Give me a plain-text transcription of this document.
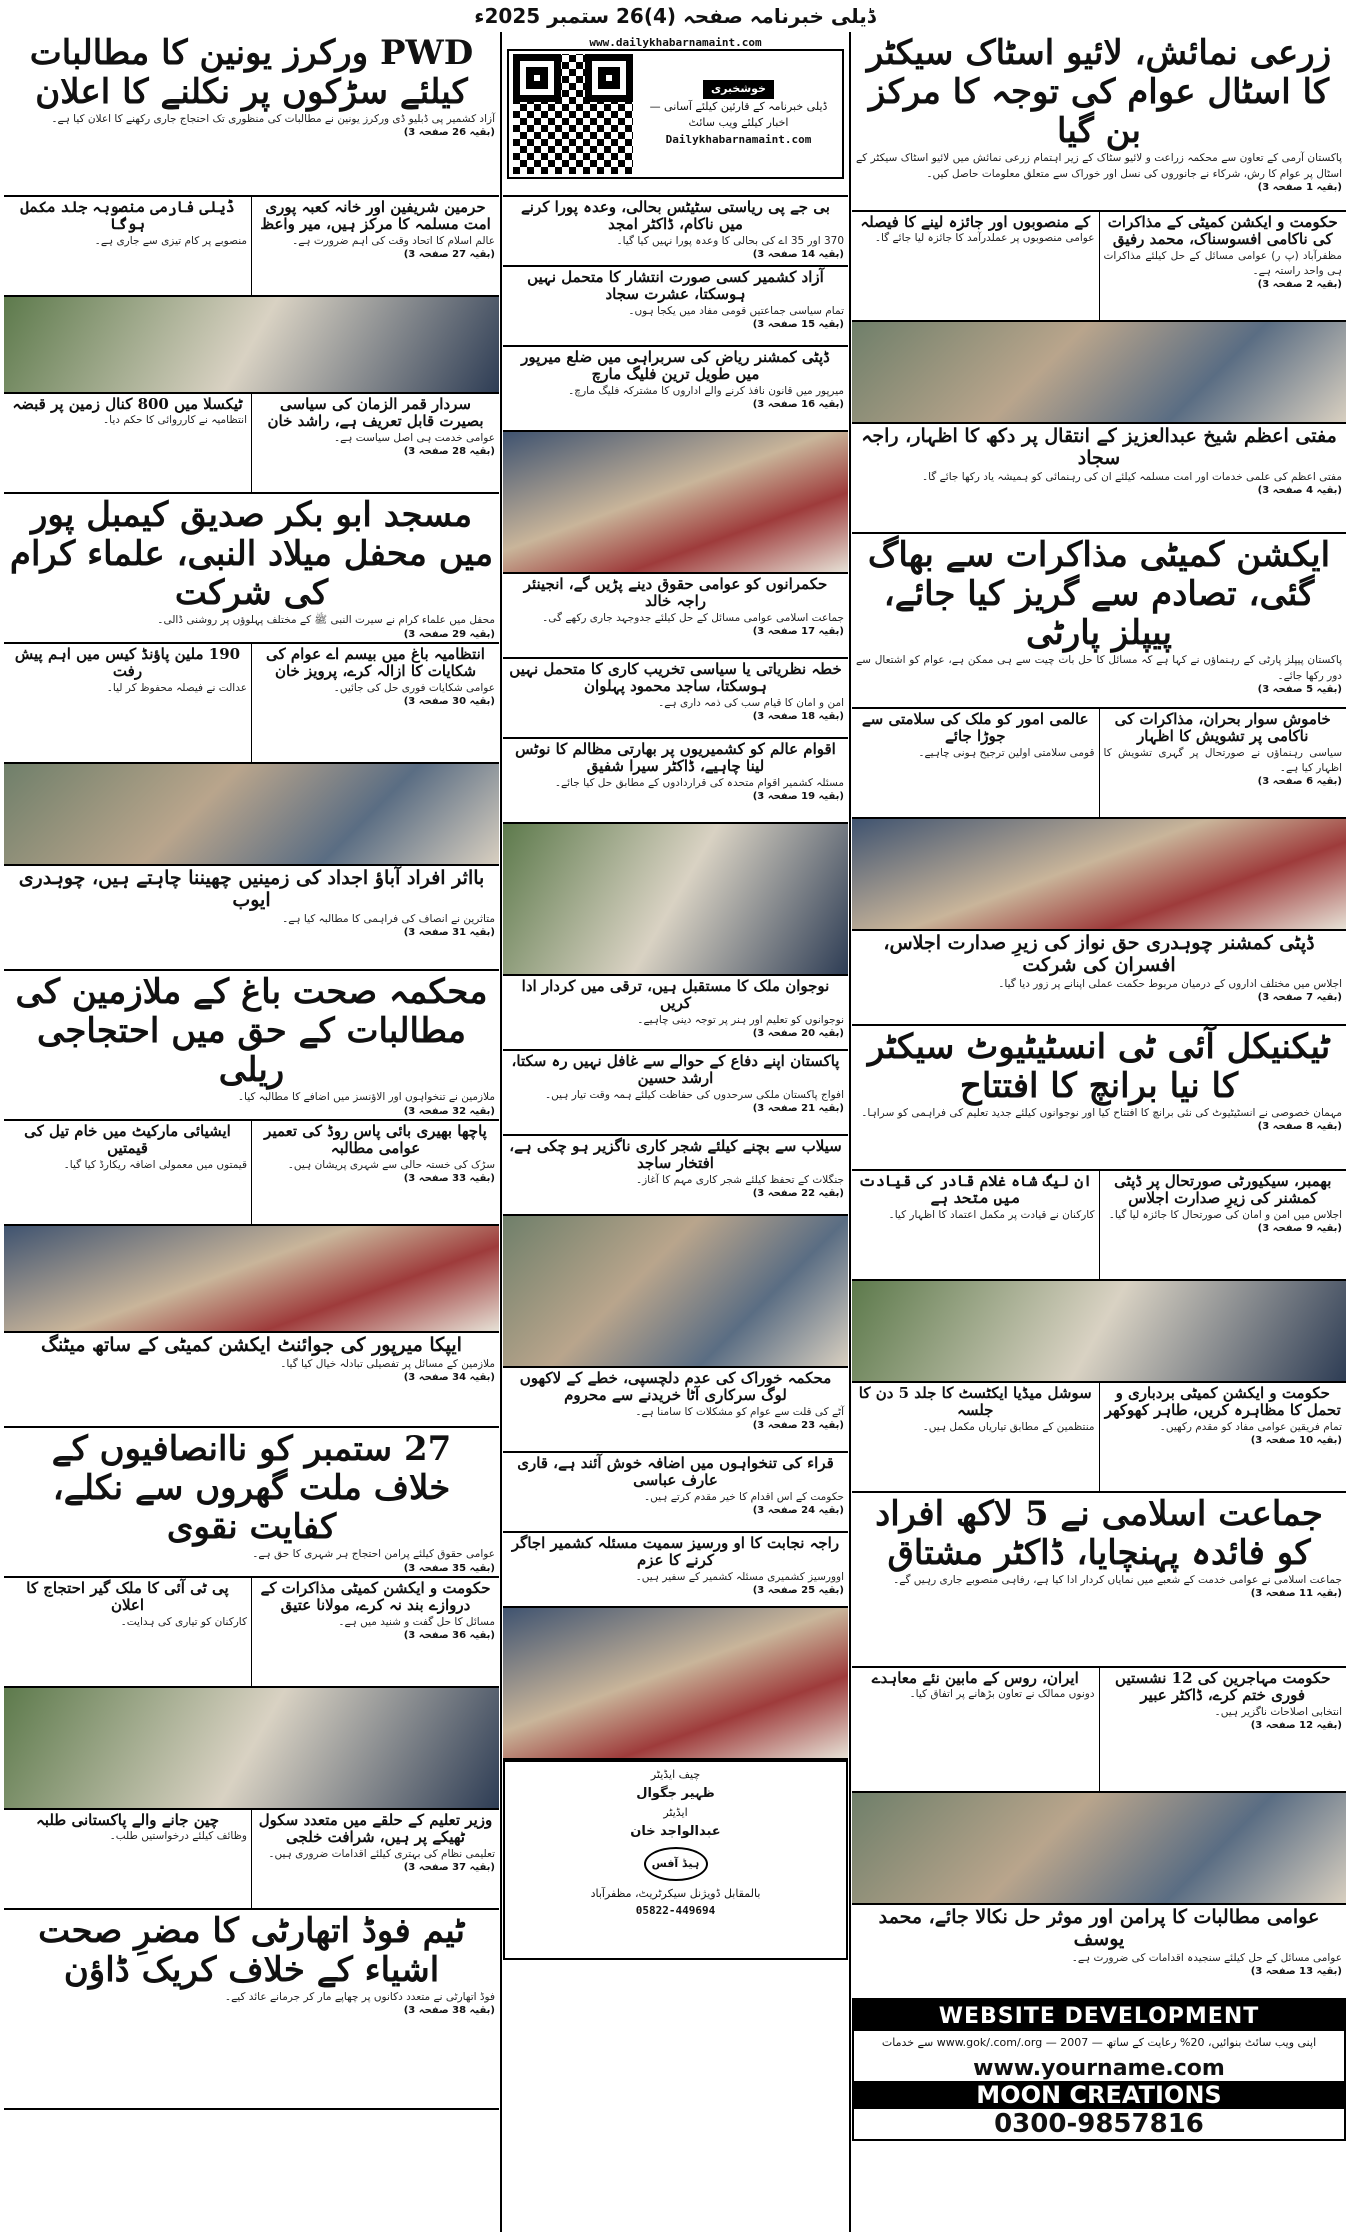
ڈیلی خبرنامہ صفحہ (4)26 ستمبر 2025ء
زرعی نمائش، لائیو اسٹاک سیکٹر کا اسٹال عوام کی توجہ کا مرکز بن گیا
پاکستان آرمی کے تعاون سے محکمہ زراعت و لائیو سٹاک کے زیر اہتمام زرعی نمائش میں لائیو اسٹاک سیکٹر کے اسٹال پر عوام کا رش، شرکاء نے جانوروں کی نسل اور خوراک سے متعلق معلومات حاصل کیں۔
(بقیہ 1 صفحہ 3)
حکومت و ایکشن کمیٹی کے مذاکرات کی ناکامی افسوسناک، محمد رفیق
مظفرآباد (پ ر) عوامی مسائل کے حل کیلئے مذاکرات ہی واحد راستہ ہے۔
(بقیہ 2 صفحہ 3)
کے منصوبوں اور جائزہ لینے کا فیصلہ
عوامی منصوبوں پر عملدرآمد کا جائزہ لیا جائے گا۔
مفتی اعظم شیخ عبدالعزیز کے انتقال پر دکھ کا اظہار، راجہ سجاد
مفتی اعظم کی علمی خدمات اور امت مسلمہ کیلئے ان کی رہنمائی کو ہمیشہ یاد رکھا جائے گا۔
(بقیہ 4 صفحہ 3)
ایکشن کمیٹی مذاکرات سے بھاگ گئی، تصادم سے گریز کیا جائے، پیپلز پارٹی
پاکستان پیپلز پارٹی کے رہنماؤں نے کہا ہے کہ مسائل کا حل بات چیت سے ہی ممکن ہے، عوام کو اشتعال سے دور رکھا جائے۔
(بقیہ 5 صفحہ 3)
خاموش سوار بحران، مذاکرات کی ناکامی پر تشویش کا اظہار
سیاسی رہنماؤں نے صورتحال پر گہری تشویش کا اظہار کیا ہے۔
(بقیہ 6 صفحہ 3)
عالمی امور کو ملک کی سلامتی سے جوڑا جائے
قومی سلامتی اولین ترجیح ہونی چاہیے۔
ڈپٹی کمشنر چوہدری حق نواز کی زیرِ صدارت اجلاس، افسران کی شرکت
اجلاس میں مختلف اداروں کے درمیان مربوط حکمت عملی اپنانے پر زور دیا گیا۔
(بقیہ 7 صفحہ 3)
ٹیکنیکل آئی ٹی انسٹیٹیوٹ سیکٹر کا نیا برانچ کا افتتاح
مہمان خصوصی نے انسٹیٹیوٹ کی نئی برانچ کا افتتاح کیا اور نوجوانوں کیلئے جدید تعلیم کی فراہمی کو سراہا۔
(بقیہ 8 صفحہ 3)
بھمبر، سیکیورٹی صورتحال پر ڈپٹی کمشنر کی زیرِ صدارت اجلاس
اجلاس میں امن و امان کی صورتحال کا جائزہ لیا گیا۔
(بقیہ 9 صفحہ 3)
ان لیگ شاہ غلام قادر کی قیادت میں متحد ہے
کارکنان نے قیادت پر مکمل اعتماد کا اظہار کیا۔
حکومت و ایکشن کمیٹی بردباری و تحمل کا مظاہرہ کریں، طاہر کھوکھر
تمام فریقین عوامی مفاد کو مقدم رکھیں۔
(بقیہ 10 صفحہ 3)
سوشل میڈیا ایکٹسٹ کا جلد 5 دن کا جلسہ
منتظمین کے مطابق تیاریاں مکمل ہیں۔
جماعت اسلامی نے 5 لاکھ افراد کو فائدہ پہنچایا، ڈاکٹر مشتاق
جماعت اسلامی نے عوامی خدمت کے شعبے میں نمایاں کردار ادا کیا ہے، رفاہی منصوبے جاری رہیں گے۔
(بقیہ 11 صفحہ 3)
حکومت مہاجرین کی 12 نشستیں فوری ختم کرے، ڈاکٹر عبیر
انتخابی اصلاحات ناگزیر ہیں۔
(بقیہ 12 صفحہ 3)
ایران، روس کے مابین نئے معاہدے
دونوں ممالک نے تعاون بڑھانے پر اتفاق کیا۔
عوامی مطالبات کا پرامن اور موثر حل نکالا جائے، محمد یوسف
عوامی مسائل کے حل کیلئے سنجیدہ اقدامات کی ضرورت ہے۔
(بقیہ 13 صفحہ 3)
WEBSITE DEVELOPMENT
اپنی ویب سائٹ بنوائیں، 20% رعایت کے ساتھ — www.gok/.com/.org — 2007 سے خدمات
www.yourname.com
MOON CREATIONS
0300-9857816
www.dailykhabarnamaint.com
خوشخبری
ڈیلی خبرنامہ کے قارئین کیلئے آسانی — اخبار کیلئے ویب سائٹ
Dailykhabarnamaint.com
بی جے پی ریاستی سٹیٹس بحالی، وعدہ پورا کرنے میں ناکام، ڈاکٹر امجد
370 اور 35 اے کی بحالی کا وعدہ پورا نہیں کیا گیا۔
(بقیہ 14 صفحہ 3)
آزاد کشمیر کسی صورت انتشار کا متحمل نہیں ہوسکتا، عشرت سجاد
تمام سیاسی جماعتیں قومی مفاد میں یکجا ہوں۔
(بقیہ 15 صفحہ 3)
ڈپٹی کمشنر ریاض کی سربراہی میں ضلع میرپور میں طویل ترین فلیگ مارچ
میرپور میں قانون نافذ کرنے والے اداروں کا مشترکہ فلیگ مارچ۔
(بقیہ 16 صفحہ 3)
حکمرانوں کو عوامی حقوق دینے پڑیں گے، انجینئر راجہ خالد
جماعت اسلامی عوامی مسائل کے حل کیلئے جدوجہد جاری رکھے گی۔
(بقیہ 17 صفحہ 3)
خطہ نظریاتی یا سیاسی تخریب کاری کا متحمل نہیں ہوسکتا، ساجد محمود پہلوان
امن و امان کا قیام سب کی ذمہ داری ہے۔
(بقیہ 18 صفحہ 3)
اقوام عالم کو کشمیریوں پر بھارتی مظالم کا نوٹس لینا چاہیے، ڈاکٹر سیرا شفیق
مسئلہ کشمیر اقوام متحدہ کی قراردادوں کے مطابق حل کیا جائے۔
(بقیہ 19 صفحہ 3)
نوجوان ملک کا مستقبل ہیں، ترقی میں کردار ادا کریں
نوجوانوں کو تعلیم اور ہنر پر توجہ دینی چاہیے۔
(بقیہ 20 صفحہ 3)
پاکستان اپنے دفاع کے حوالے سے غافل نہیں رہ سکتا، ارشد حسین
افواج پاکستان ملکی سرحدوں کی حفاظت کیلئے ہمہ وقت تیار ہیں۔
(بقیہ 21 صفحہ 3)
سیلاب سے بچنے کیلئے شجر کاری ناگزیر ہو چکی ہے، افتخار ساجد
جنگلات کے تحفظ کیلئے شجر کاری مہم کا آغاز۔
(بقیہ 22 صفحہ 3)
محکمہ خوراک کی عدم دلچسپی، خطے کے لاکھوں لوگ سرکاری آٹا خریدنے سے محروم
آٹے کی قلت سے عوام کو مشکلات کا سامنا ہے۔
(بقیہ 23 صفحہ 3)
قراء کی تنخواہوں میں اضافہ خوش آئند ہے، قاری عارف عباسی
حکومت کے اس اقدام کا خیر مقدم کرتے ہیں۔
(بقیہ 24 صفحہ 3)
راجہ نجابت کا او ورسیز سمیت مسئلہ کشمیر اجاگر کرنے کا عزم
اوورسیز کشمیری مسئلہ کشمیر کے سفیر ہیں۔
(بقیہ 25 صفحہ 3)
چیف ایڈیٹر
ظہیر جگوال
ایڈیٹر
عبدالواجد خان
ہیڈ آفس
بالمقابل ڈویژنل سیکرٹریٹ، مظفرآباد
05822-449694
PWD ورکرز یونین کا مطالبات کیلئے سڑکوں پر نکلنے کا اعلان
آزاد کشمیر پی ڈبلیو ڈی ورکرز یونین نے مطالبات کی منظوری تک احتجاج جاری رکھنے کا اعلان کیا ہے۔
(بقیہ 26 صفحہ 3)
حرمین شریفین اور خانہ کعبہ پوری امت مسلمہ کا مرکز ہیں، میر واعظ
عالم اسلام کا اتحاد وقت کی اہم ضرورت ہے۔
(بقیہ 27 صفحہ 3)
ڈیلی فارمی منصوبہ جلد مکمل ہوگا
منصوبے پر کام تیزی سے جاری ہے۔
سردار قمر الزمان کی سیاسی بصیرت قابل تعریف ہے، راشد خان
عوامی خدمت ہی اصل سیاست ہے۔
(بقیہ 28 صفحہ 3)
ٹیکسلا میں 800 کنال زمین پر قبضہ
انتظامیہ نے کارروائی کا حکم دیا۔
مسجد ابو بکر صدیق کیمبل پور میں محفل میلاد النبی، علماء کرام کی شرکت
محفل میں علماء کرام نے سیرت النبی ﷺ کے مختلف پہلوؤں پر روشنی ڈالی۔
(بقیہ 29 صفحہ 3)
انتظامیہ باغ میں بیسم اے عوام کی شکایات کا ازالہ کرے، پرویز خان
عوامی شکایات فوری حل کی جائیں۔
(بقیہ 30 صفحہ 3)
190 ملین پاؤنڈ کیس میں اہم پیش رفت
عدالت نے فیصلہ محفوظ کر لیا۔
بااثر افراد آباؤ اجداد کی زمینیں چھیننا چاہتے ہیں، چوہدری ایوب
متاثرین نے انصاف کی فراہمی کا مطالبہ کیا ہے۔
(بقیہ 31 صفحہ 3)
محکمہ صحت باغ کے ملازمین کی مطالبات کے حق میں احتجاجی ریلی
ملازمین نے تنخواہوں اور الاؤنسز میں اضافے کا مطالبہ کیا۔
(بقیہ 32 صفحہ 3)
پاچھا بھیری بائی پاس روڈ کی تعمیر عوامی مطالبہ
سڑک کی خستہ حالی سے شہری پریشان ہیں۔
(بقیہ 33 صفحہ 3)
ایشیائی مارکیٹ میں خام تیل کی قیمتیں
قیمتوں میں معمولی اضافہ ریکارڈ کیا گیا۔
ایپکا میرپور کی جوائنٹ ایکشن کمیٹی کے ساتھ میٹنگ
ملازمین کے مسائل پر تفصیلی تبادلہ خیال کیا گیا۔
(بقیہ 34 صفحہ 3)
27 ستمبر کو ناانصافیوں کے خلاف ملت گھروں سے نکلے، کفایت نقوی
عوامی حقوق کیلئے پرامن احتجاج ہر شہری کا حق ہے۔
(بقیہ 35 صفحہ 3)
حکومت و ایکشن کمیٹی مذاکرات کے دروازے بند نہ کرے، مولانا عتیق
مسائل کا حل گفت و شنید میں ہے۔
(بقیہ 36 صفحہ 3)
پی ٹی آئی کا ملک گیر احتجاج کا اعلان
کارکنان کو تیاری کی ہدایت۔
وزیر تعلیم کے حلقے میں متعدد سکول ٹھیکے پر ہیں، شرافت خلجی
تعلیمی نظام کی بہتری کیلئے اقدامات ضروری ہیں۔
(بقیہ 37 صفحہ 3)
چین جانے والے پاکستانی طلبہ
وظائف کیلئے درخواستیں طلب۔
ٹیم فوڈ اتھارٹی کا مضرِ صحت اشیاء کے خلاف کریک ڈاؤن
فوڈ اتھارٹی نے متعدد دکانوں پر چھاپے مار کر جرمانے عائد کیے۔
(بقیہ 38 صفحہ 3)
